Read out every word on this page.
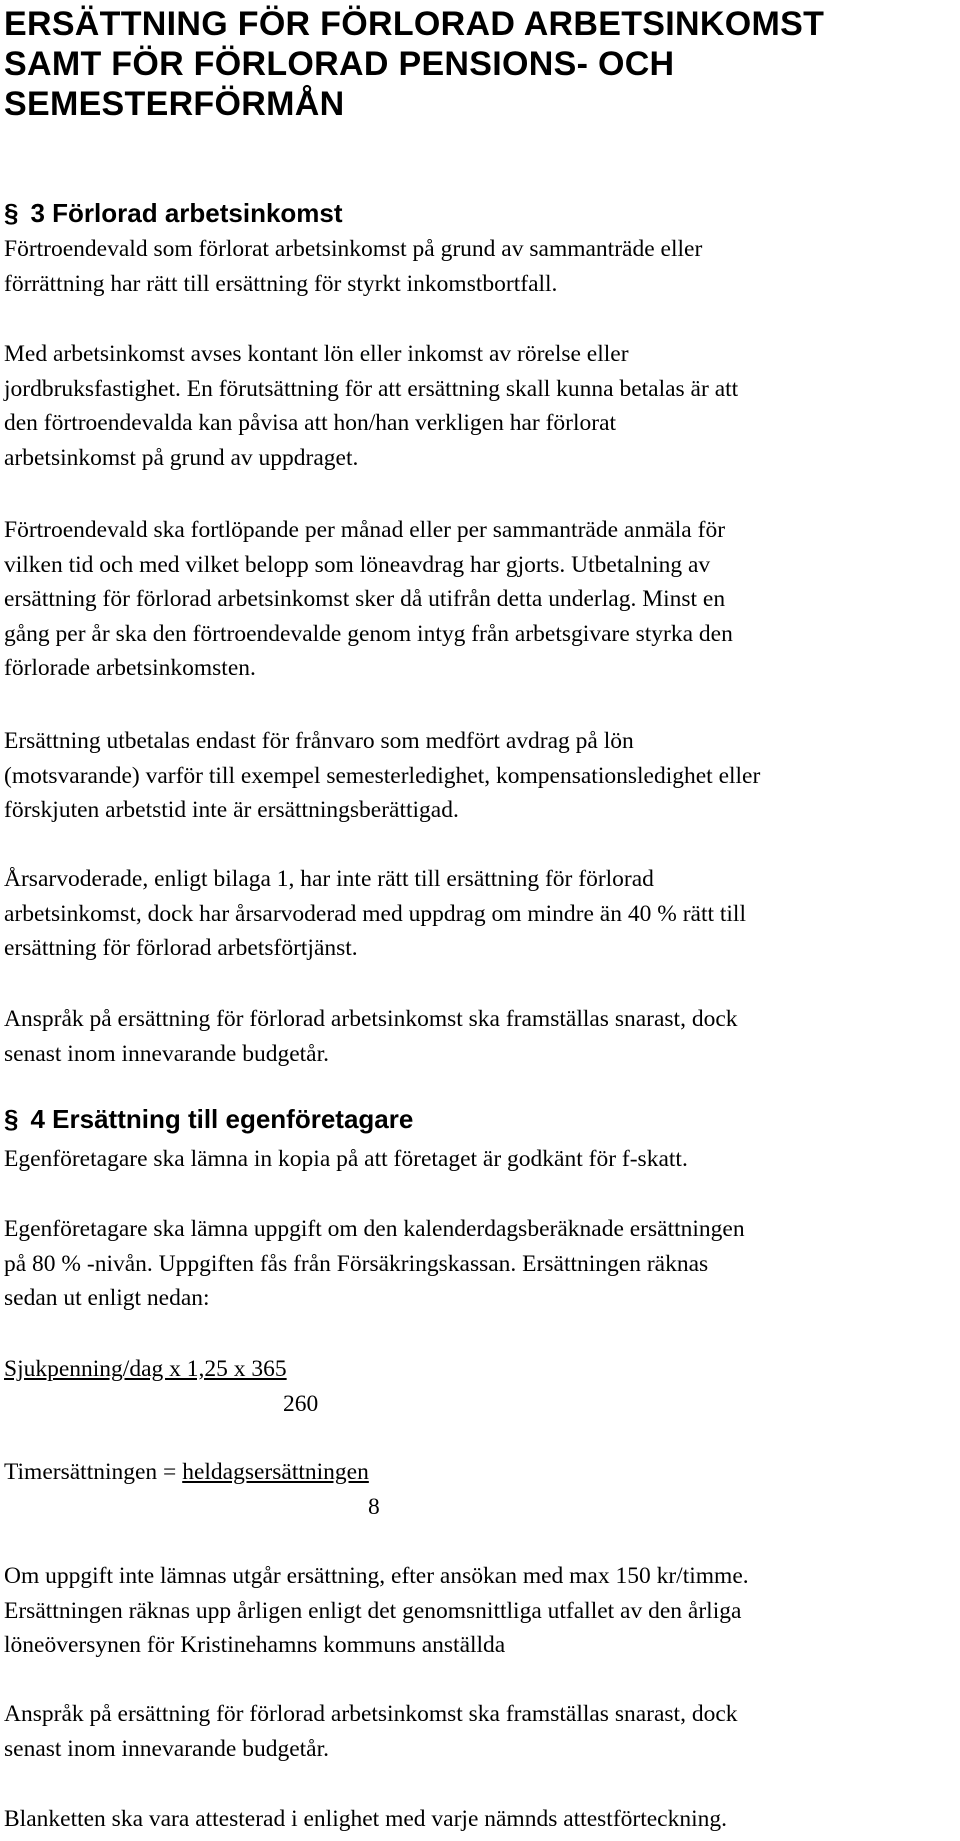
ERSÄTTNING FÖR FÖRLORAD ARBETSINKOMST
SAMT FÖR FÖRLORAD PENSIONS- OCH
SEMESTERFÖRMÅN
§ 3 Förlorad arbetsinkomst

Förtroendevald som förlorat arbetsinkomst på grund av sammanträde eller
förrättning har rätt till ersättning för styrkt inkomstbortfall.

Med arbetsinkomst avses kontant lön eller inkomst av rörelse eller
jordbruksfastighet. En förutsättning för att ersättning skall kunna betalas är att
den förtroendevalda kan påvisa att hon/han verkligen har förlorat
arbetsinkomst på grund av uppdraget.

Förtroendevald ska fortlöpande per månad eller per sammanträde anmäla för
vilken tid och med vilket belopp som löneavdrag har gjorts. Utbetalning av
ersättning för förlorad arbetsinkomst sker då utifrån detta underlag. Minst en
gång per år ska den förtroendevalde genom intyg från arbetsgivare styrka den
förlorade arbetsinkomsten.

Ersättning utbetalas endast för frånvaro som medfört avdrag på lön
(motsvarande) varför till exempel semesterledighet, kompensationsledighet eller
förskjuten arbetstid inte är ersättningsberättigad.

Årsarvoderade, enligt bilaga 1, har inte rätt till ersättning för förlorad
arbetsinkomst, dock har årsarvoderad med uppdrag om mindre än 40 % rätt till
ersättning för förlorad arbetsförtjänst.

Anspråk på ersättning för förlorad arbetsinkomst ska framställas snarast, dock
senast inom innevarande budgetår.

§ 4 Ersättning till egenföretagare

Egenföretagare ska lämna in kopia på att företaget är godkänt för f-skatt.

Egenföretagare ska lämna uppgift om den kalenderdagsberäknade ersättningen
på 80 % -nivån. Uppgiften fås från Försäkringskassan. Ersättningen räknas
sedan ut enligt nedan:

Sjukpenning/dag x 1,25 x 365
260
Timersättningen = heldagsersättningen
8

Om uppgift inte lämnas utgår ersättning, efter ansökan med max 150 kr/timme.
Ersättningen räknas upp årligen enligt det genomsnittliga utfallet av den årliga
löneöversynen för Kristinehamns kommuns anställda

Anspråk på ersättning för förlorad arbetsinkomst ska framställas snarast, dock
senast inom innevarande budgetår.

Blanketten ska vara attesterad i enlighet med varje nämnds attestförteckning.
